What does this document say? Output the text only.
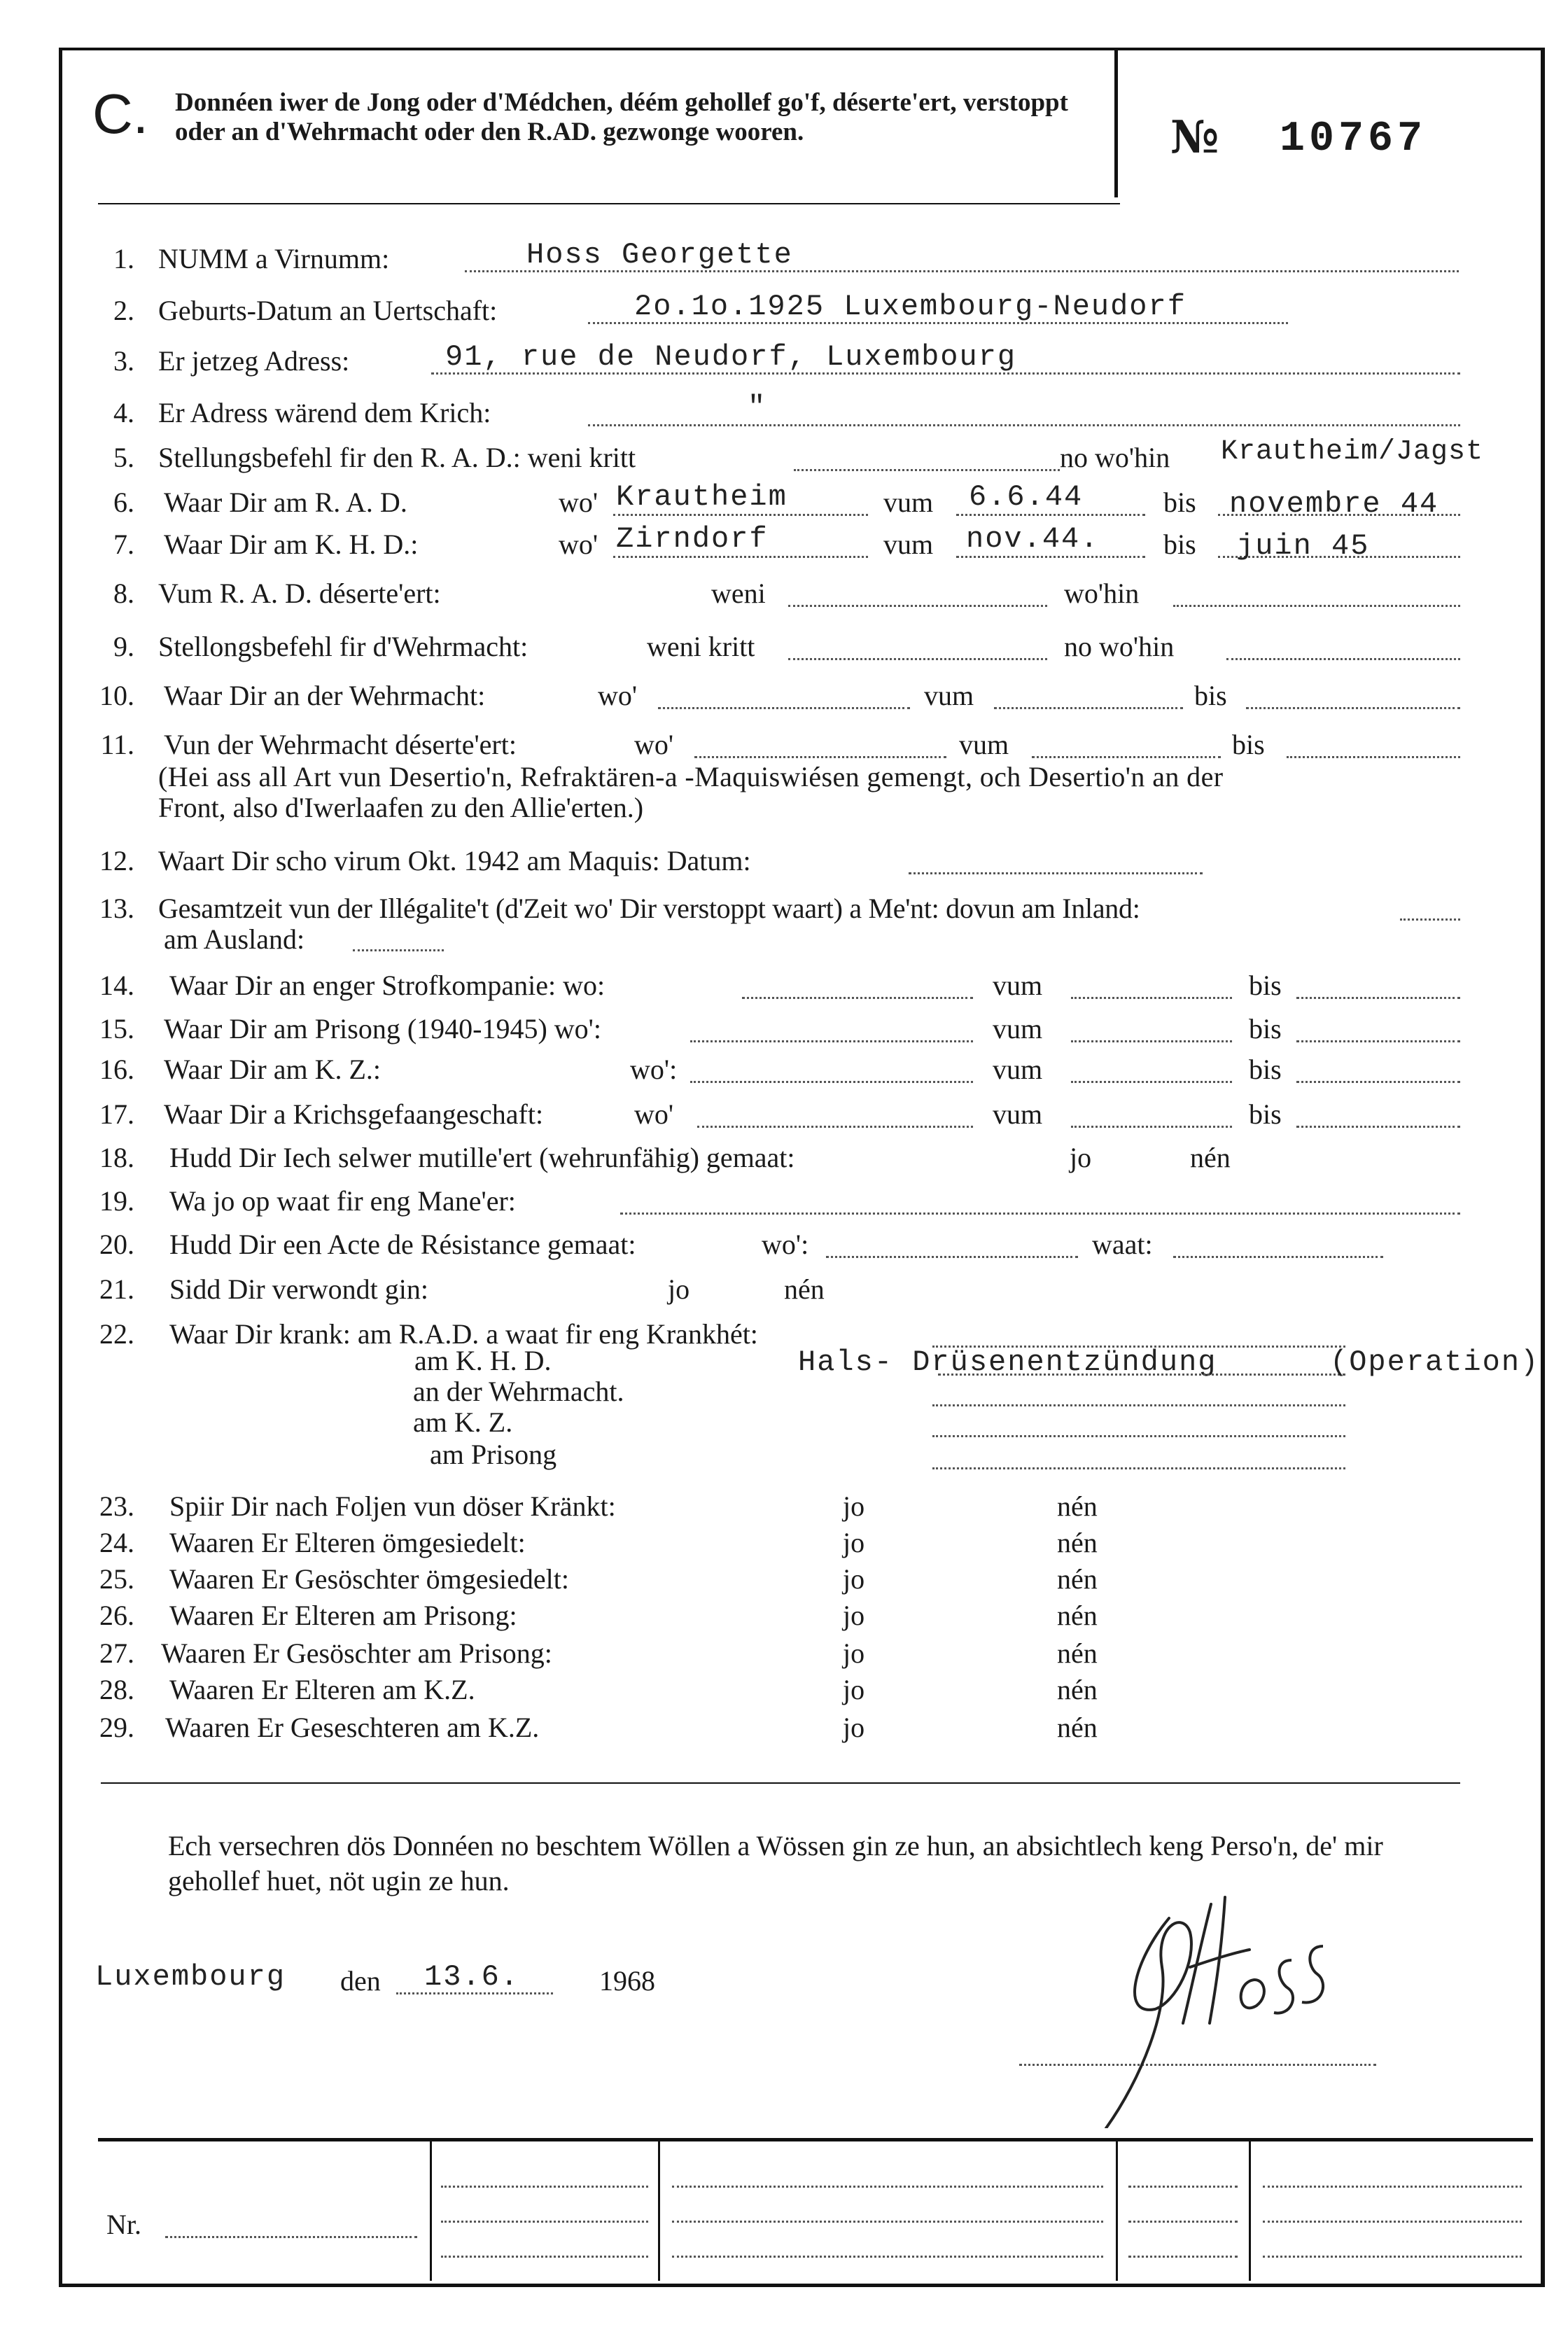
C. Donnéen iwer de Jong oder d'Médchen, déém gehollef go'f, déserte'ert, verstoppt oder an d'Wehrmacht oder den R.AD. gezwonge wooren.	№ 10767
1. NUMM a Virnumm:	Hoss Georgette
2. Geburts-Datum an Uertschaft:	2o.1o.1925 Luxembourg-Neudorf
3. Er jetzeg Adress:	91, rue de Neudorf, Luxembourg
4. Er Adress wärend dem Krich:	"
5. Stellungsbefehl fir den R. A. D.: weni kritt	no wo'hin Krautheim/Jagst
6. Waar Dir am R. A. D.	wo' Krautheim	vum 6.6.44	bis novembre 44
7. Waar Dir am K. H. D.:	wo' Zirndorf	vum nov.44. bis juin 45
8. Vum R. A. D. déserte'ert:	weni	wo'hin
9. Stellongsbefehl fir d'Wehrmacht:	weni kritt	no wo'hin
10. Waar Dir an der Wehrmacht:	wo'	vum	bis
11. Vun der Wehrmacht déserte'ert:	wo'	vum	bis
(Hei ass all Art vun Desertio'n, Refraktären-a -Maquiswiésen gemengt, och Desertio'n an der
Front, also d'Iwerlaafen zu den Allie'erten.)
12. Waart Dir scho virum Okt. 1942 am Maquis: Datum:
13. Gesamtzeit vun der Illégalite't (d'Zeit wo' Dir verstoppt waart) a Me'nt: dovun am Inland:
am Ausland:
14. Waar Dir an enger Strofkompanie: wo:	vum	bis
15. Waar Dir am Prisong (1940-1945) wo':	vum	bis
16. Waar Dir am K. Z.:	wo':	vum	bis
17. Waar Dir a Krichsgefaangeschaft:	wo'	vum	bis
18. Hudd Dir Iech selwer mutille'ert (wehrunfähig) gemaat:	jo	nén
19. Wa jo op waat fir eng Mane'er:
20. Hudd Dir een Acte de Résistance gemaat:	wo':	waat:
21. Sidd Dir verwondt gin:	jo	nén
22. Waar Dir krank: am R.A.D. a waat fir eng Krankhét:
am K. H. D.	Hals- Drüsenentzündung	(Operation)
an der Wehrmacht.
am K. Z.
am Prisong
23. Spiir Dir nach Foljen vun döser Kränkt:	jo	nén
24. Waaren Er Elteren ömgesiedelt:	jo	nén
25. Waaren Er Gesöschter ömgesiedelt:	jo	nén
26. Waaren Er Elteren am Prisong:	jo	nén
27. Waaren Er Gesöschter am Prisong:	jo	nén
28. Waaren Er Elteren am K.Z.	jo	nén
29. Waaren Er Geseschteren am K.Z.	jo	nén
Ech versechren dös Donnéen no beschtem Wöllen a Wössen gin ze hun, an absichtlech keng Perso'n, de' mir gehollef huet, nöt ugin ze hun.
Luxembourg den 13.6.	1968
Nr.
